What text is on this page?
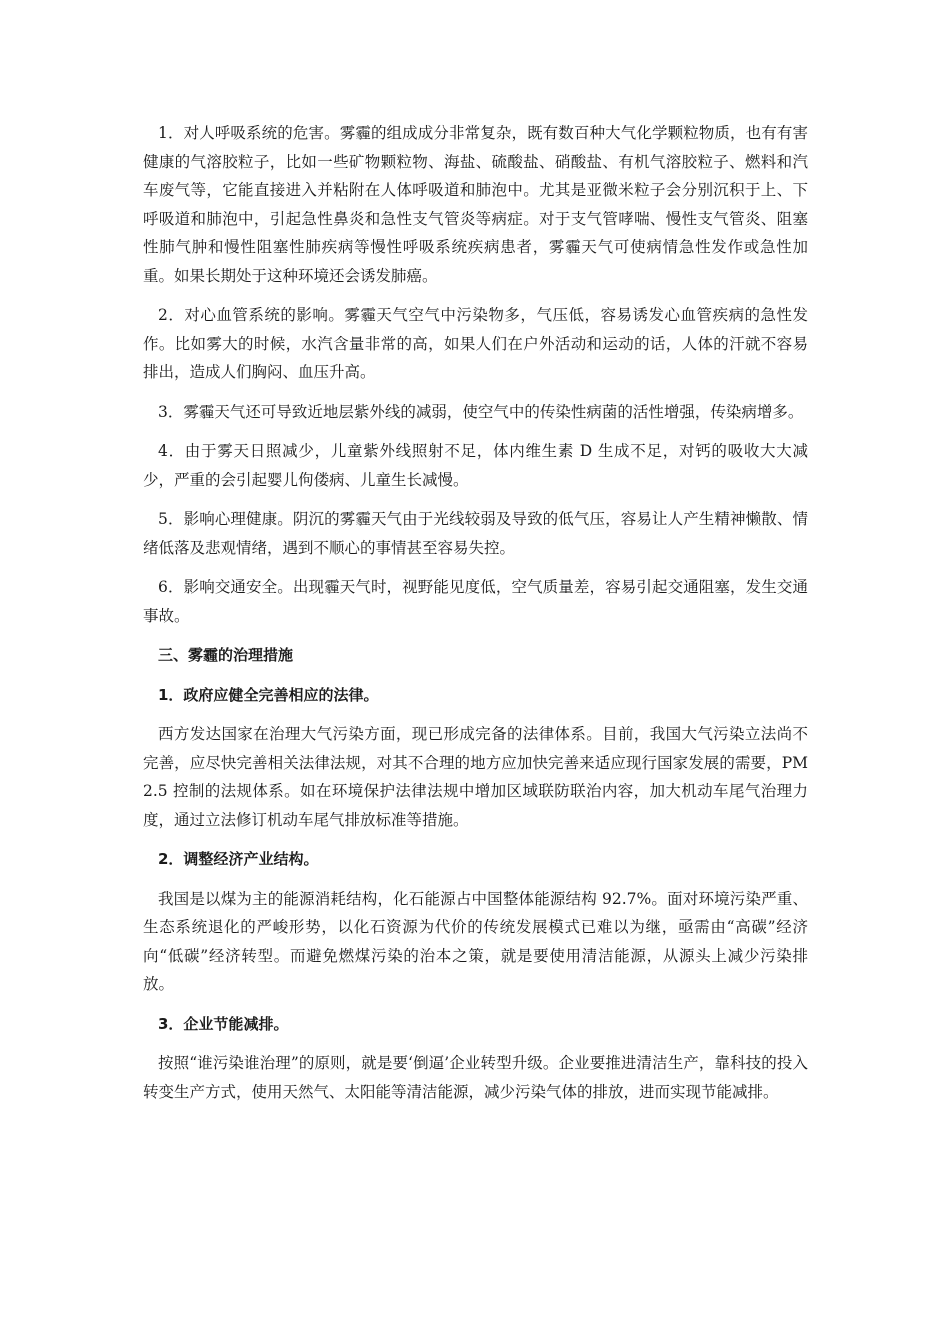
1．对人呼吸系统的危害。雾霾的组成成分非常复杂，既有数百种大气化学颗粒物质，也有有害健康的气溶胶粒子，比如一些矿物颗粒物、海盐、硫酸盐、硝酸盐、有机气溶胶粒子、燃料和汽车废气等，它能直接进入并粘附在人体呼吸道和肺泡中。尤其是亚微米粒子会分别沉积于上、下呼吸道和肺泡中，引起急性鼻炎和急性支气管炎等病症。对于支气管哮喘、慢性支气管炎、阻塞性肺气肿和慢性阻塞性肺疾病等慢性呼吸系统疾病患者，雾霾天气可使病情急性发作或急性加重。如果长期处于这种环境还会诱发肺癌。

2．对心血管系统的影响。雾霾天气空气中污染物多，气压低，容易诱发心血管疾病的急性发作。比如雾大的时候，水汽含量非常的高，如果人们在户外活动和运动的话，人体的汗就不容易排出，造成人们胸闷、血压升高。

3．雾霾天气还可导致近地层紫外线的减弱，使空气中的传染性病菌的活性增强，传染病增多。

4．由于雾天日照减少，儿童紫外线照射不足，体内维生素 D 生成不足，对钙的吸收大大减少，严重的会引起婴儿佝偻病、儿童生长减慢。

5．影响心理健康。阴沉的雾霾天气由于光线较弱及导致的低气压，容易让人产生精神懒散、情绪低落及悲观情绪，遇到不顺心的事情甚至容易失控。

6．影响交通安全。出现霾天气时，视野能见度低，空气质量差，容易引起交通阻塞，发生交通事故。

三、雾霾的治理措施
1．政府应健全完善相应的法律。

西方发达国家在治理大气污染方面，现已形成完备的法律体系。目前，我国大气污染立法尚不完善，应尽快完善相关法律法规，对其不合理的地方应加快完善来适应现行国家发展的需要，PM2.5 控制的法规体系。如在环境保护法律法规中增加区域联防联治内容，加大机动车尾气治理力度，通过立法修订机动车尾气排放标准等措施。

2．调整经济产业结构。

我国是以煤为主的能源消耗结构，化石能源占中国整体能源结构 92.7%。面对环境污染严重、生态系统退化的严峻形势，以化石资源为代价的传统发展模式已难以为继，亟需由“高碳”经济向“低碳”经济转型。而避免燃煤污染的治本之策，就是要使用清洁能源，从源头上减少污染排放。

3．企业节能减排。

按照“谁污染谁治理”的原则，就是要‘倒逼’企业转型升级。企业要推进清洁生产，靠科技的投入转变生产方式，使用天然气、太阳能等清洁能源，减少污染气体的排放，进而实现节能减排。
